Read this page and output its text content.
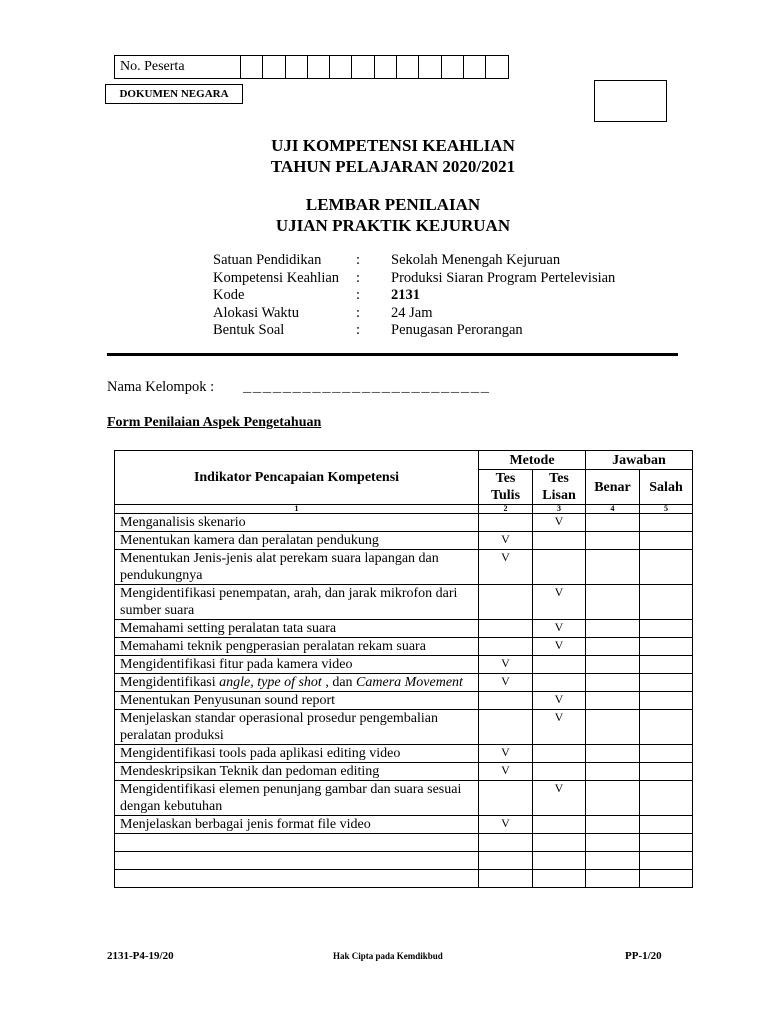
No. Peserta												
DOKUMEN NEGARA
UJI KOMPETENSI KEAHLIAN
TAHUN PELAJARAN 2020/2021
LEMBAR PENILAIAN
UJIAN PRAKTIK KEJURUAN
Satuan Pendidikan	:	Sekolah Menengah Kejuruan
Kompetensi Keahlian	:	Produksi Siaran Program Pertelevisian
Kode	:	2131
Alokasi Waktu	:	24 Jam
Bentuk Soal	:	Penugasan Perorangan
Nama Kelompok : _________________________
Form Penilaian Aspek Pengetahuan
Indikator Pencapaian Kompetensi	Metode		Jawaban	
	Tes Tulis	Tes Lisan	Benar	Salah
1	2	3	4	5
Menganalisis skenario		V		
Menentukan kamera dan peralatan pendukung	V			
Menentukan Jenis-jenis alat perekam suara lapangan dan pendukungnya	V			
Mengidentifikasi penempatan, arah, dan jarak mikrofon dari sumber suara		V		
Memahami setting peralatan tata suara		V		
Memahami teknik pengperasian peralatan rekam suara		V		
Mengidentifikasi fitur pada kamera video	V			
Mengidentifikasi angle, type of shot , dan Camera Movement	V			
Menentukan Penyusunan sound report		V		
Menjelaskan standar operasional prosedur pengembalian peralatan produksi		V		
Mengidentifikasi tools pada aplikasi editing video	V			
Mendeskripsikan Teknik dan pedoman editing	V			
Mengidentifikasi elemen penunjang gambar dan suara sesuai dengan kebutuhan		V		
Menjelaskan berbagai jenis format file video	V			

2131-P4-19/20	Hak Cipta pada Kemdikbud	PP-1/20
